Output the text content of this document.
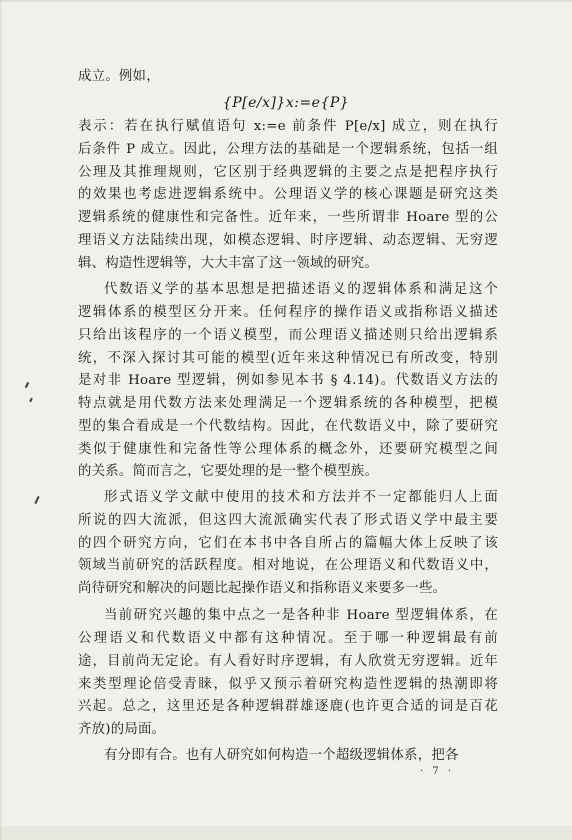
成立。例如，
{P[e/x]}x:=e{P}
表示：若在执行赋值语句 x:=e 前条件 P[e/x] 成立，则在执行
后条件 P 成立。因此，公理方法的基础是一个逻辑系统，包括一组
公理及其推理规则，它区别于经典逻辑的主要之点是把程序执行
的效果也考虑进逻辑系统中。公理语义学的核心课题是研究这类
逻辑系统的健康性和完备性。近年来，一些所谓非 Hoare 型的公
理语义方法陆续出现，如模态逻辑、时序逻辑、动态逻辑、无穷逻
辑、构造性逻辑等，大大丰富了这一领域的研究。
代数语义学的基本思想是把描述语义的逻辑体系和满足这个
逻辑体系的模型区分开来。任何程序的操作语义或指称语义描述
只给出该程序的一个语义模型，而公理语义描述则只给出逻辑系
统，不深入探讨其可能的模型(近年来这种情况已有所改变，特别
是对非 Hoare 型逻辑，例如参见本书 § 4.14)。代数语义方法的
特点就是用代数方法来处理满足一个逻辑系统的各种模型，把模
型的集合看成是一个代数结构。因此，在代数语义中，除了要研究
类似于健康性和完备性等公理体系的概念外，还要研究模型之间
的关系。简而言之，它要处理的是一整个模型族。
形式语义学文献中使用的技术和方法并不一定都能归人上面
所说的四大流派，但这四大流派确实代表了形式语义学中最主要
的四个研究方向，它们在本书中各自所占的篇幅大体上反映了该
领域当前研究的活跃程度。相对地说，在公理语义和代数语义中，
尚待研究和解决的问题比起操作语义和指称语义来要多一些。
当前研究兴趣的集中点之一是各种非 Hoare 型逻辑体系，在
公理语义和代数语义中都有这种情况。至于哪一种逻辑最有前
途，目前尚无定论。有人看好时序逻辑，有人欣赏无穷逻辑。近年
来类型理论倍受青睐，似乎又预示着研究构造性逻辑的热潮即将
兴起。总之，这里还是各种逻辑群雄逐鹿(也许更合适的词是百花
齐放)的局面。
有分即有合。也有人研究如何构造一个超级逻辑体系，把各
· 7 ·
